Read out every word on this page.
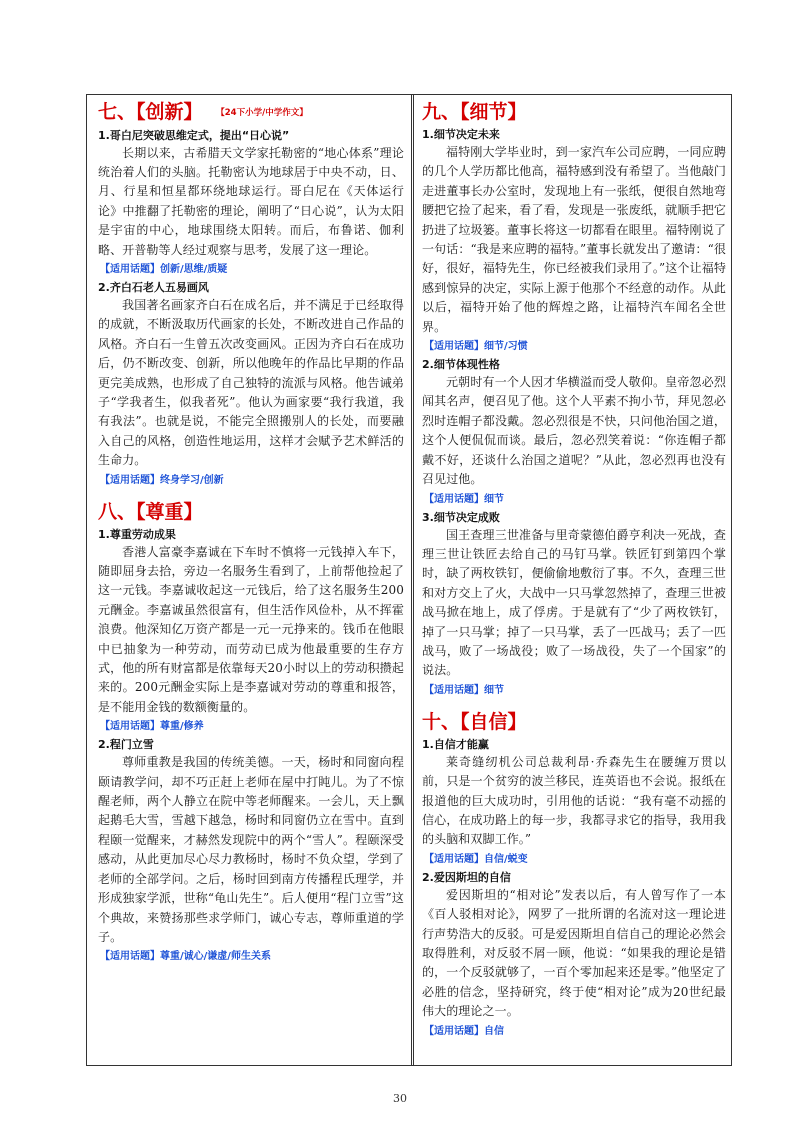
七、【创新】 【24下小学/中学作文】

1.哥白尼突破思维定式，提出“日心说”

长期以来，古希腊天文学家托勒密的“地心体系”理论统治着人们的头脑。托勒密认为地球居于中央不动，日、月、行星和恒星都环绕地球运行。哥白尼在《天体运行论》中推翻了托勒密的理论，阐明了“日心说”，认为太阳是宇宙的中心，地球围绕太阳转。而后，布鲁诺、伽利略、开普勒等人经过观察与思考，发展了这一理论。

【适用话题】创新/思维/质疑

2.齐白石老人五易画风

我国著名画家齐白石在成名后，并不满足于已经取得的成就，不断汲取历代画家的长处，不断改进自己作品的风格。齐白石一生曾五次改变画风。正因为齐白石在成功后，仍不断改变、创新，所以他晚年的作品比早期的作品更完美成熟，也形成了自己独特的流派与风格。他告诫弟子“学我者生，似我者死”。他认为画家要“我行我道，我有我法”。也就是说，不能完全照搬别人的长处，而要融入自己的风格，创造性地运用，这样才会赋予艺术鲜活的生命力。

【适用话题】终身学习/创新

八、【尊重】

1.尊重劳动成果

香港人富豪李嘉诚在下车时不慎将一元钱掉入车下，随即屈身去拾，旁边一名服务生看到了，上前帮他捡起了这一元钱。李嘉诚收起这一元钱后，给了这名服务生200元酬金。李嘉诚虽然很富有，但生活作风俭朴，从不挥霍浪费。他深知亿万资产都是一元一元挣来的。钱币在他眼中已抽象为一种劳动，而劳动已成为他最重要的生存方式，他的所有财富都是依靠每天20小时以上的劳动积攒起来的。200元酬金实际上是李嘉诚对劳动的尊重和报答，是不能用金钱的数额衡量的。

【适用话题】尊重/修养

2.程门立雪

尊师重教是我国的传统美德。一天，杨时和同窗向程颐请教学问，却不巧正赶上老师在屋中打盹儿。为了不惊醒老师，两个人静立在院中等老师醒来。一会儿，天上飘起鹅毛大雪，雪越下越急，杨时和同窗仍立在雪中。直到程颐一觉醒来，才赫然发现院中的两个“雪人”。程颐深受感动，从此更加尽心尽力教杨时，杨时不负众望，学到了老师的全部学问。之后，杨时回到南方传播程氏理学，并形成独家学派，世称“龟山先生”。后人便用“程门立雪”这个典故，来赞扬那些求学师门，诚心专志，尊师重道的学子。

【适用话题】尊重/诚心/谦虚/师生关系

九、【细节】

1.细节决定未来

福特刚大学毕业时，到一家汽车公司应聘，一同应聘的几个人学历都比他高，福特感到没有希望了。当他敲门走进董事长办公室时，发现地上有一张纸，便很自然地弯腰把它捡了起来，看了看，发现是一张废纸，就顺手把它扔进了垃圾篓。董事长将这一切都看在眼里。福特刚说了一句话：“我是来应聘的福特。”董事长就发出了邀请：“很好，很好，福特先生，你已经被我们录用了。”这个让福特感到惊异的决定，实际上源于他那个不经意的动作。从此以后，福特开始了他的辉煌之路，让福特汽车闻名全世界。

【适用话题】细节/习惯

2.细节体现性格

元朝时有一个人因才华横溢而受人敬仰。皇帝忽必烈闻其名声，便召见了他。这个人平素不拘小节，拜见忽必烈时连帽子都没戴。忽必烈很是不快，只问他治国之道，这个人便侃侃而谈。最后，忽必烈笑着说：“你连帽子都戴不好，还谈什么治国之道呢？”从此，忽必烈再也没有召见过他。

【适用话题】细节

3.细节决定成败

国王查理三世准备与里奇蒙德伯爵亨利决一死战，查理三世让铁匠去给自己的马钉马掌。铁匠钉到第四个掌时，缺了两枚铁钉，便偷偷地敷衍了事。不久，查理三世和对方交上了火，大战中一只马掌忽然掉了，查理三世被战马掀在地上，成了俘虏。于是就有了“少了两枚铁钉，掉了一只马掌；掉了一只马掌，丢了一匹战马；丢了一匹战马，败了一场战役；败了一场战役，失了一个国家”的说法。

【适用话题】细节

十、【自信】

1.自信才能赢

莱奇缝纫机公司总裁利昂·乔森先生在腰缠万贯以前，只是一个贫穷的波兰移民，连英语也不会说。报纸在报道他的巨大成功时，引用他的话说：“我有毫不动摇的信心，在成功路上的每一步，我都寻求它的指导，我用我的头脑和双脚工作。”

【适用话题】自信/蜕变

2.爱因斯坦的自信

爱因斯坦的“相对论”发表以后，有人曾写作了一本《百人驳相对论》，网罗了一批所谓的名流对这一理论进行声势浩大的反驳。可是爱因斯坦自信自己的理论必然会取得胜利，对反驳不屑一顾，他说：“如果我的理论是错的，一个反驳就够了，一百个零加起来还是零。”他坚定了必胜的信念，坚持研究，终于使“相对论”成为20世纪最伟大的理论之一。

【适用话题】自信

30
